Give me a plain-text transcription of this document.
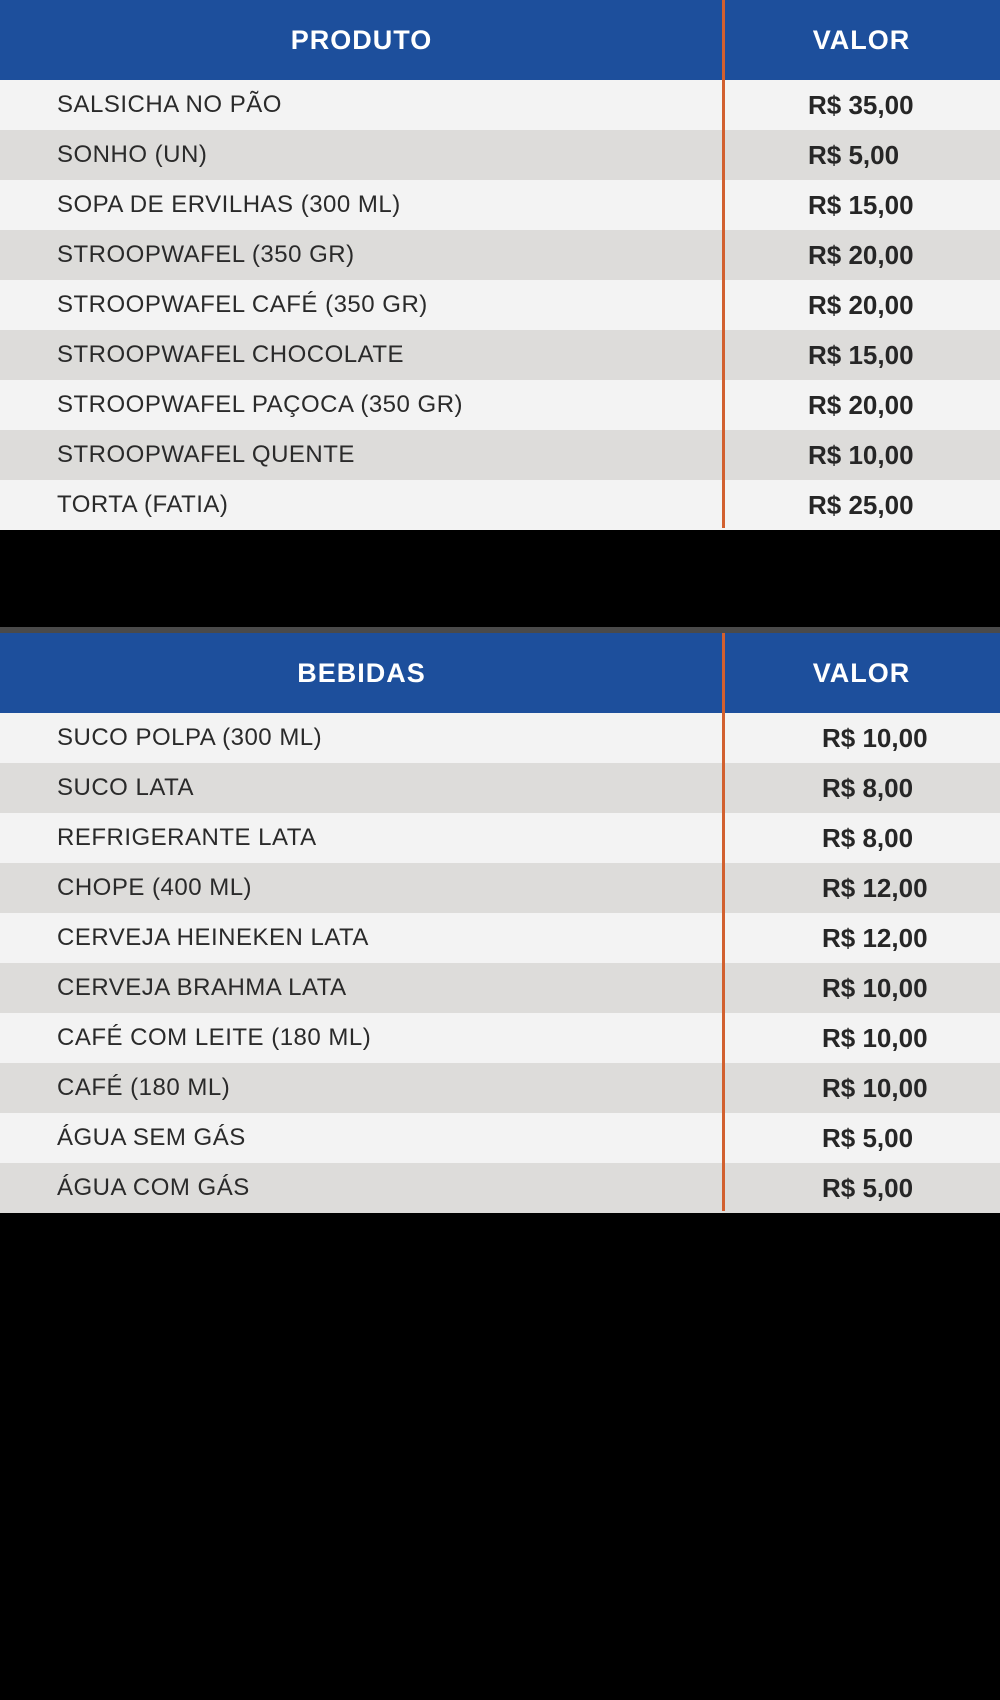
PRODUTO	VALOR
SALSICHA NO PÃO	R$ 35,00
SONHO (UN)	R$ 5,00
SOPA DE ERVILHAS (300 ML)	R$ 15,00
STROOPWAFEL (350 GR)	R$ 20,00
STROOPWAFEL CAFÉ (350 GR)	R$ 20,00
STROOPWAFEL CHOCOLATE	R$ 15,00
STROOPWAFEL PAÇOCA (350 GR)	R$ 20,00
STROOPWAFEL QUENTE	R$ 10,00
TORTA (FATIA)	R$ 25,00
BEBIDAS	VALOR
SUCO POLPA (300 ML)	R$ 10,00
SUCO LATA	R$ 8,00
REFRIGERANTE LATA	R$ 8,00
CHOPE (400 ML)	R$ 12,00
CERVEJA HEINEKEN LATA	R$ 12,00
CERVEJA BRAHMA LATA	R$ 10,00
CAFÉ COM LEITE (180 ML)	R$ 10,00
CAFÉ (180 ML)	R$ 10,00
ÁGUA SEM GÁS	R$ 5,00
ÁGUA COM GÁS	R$ 5,00
